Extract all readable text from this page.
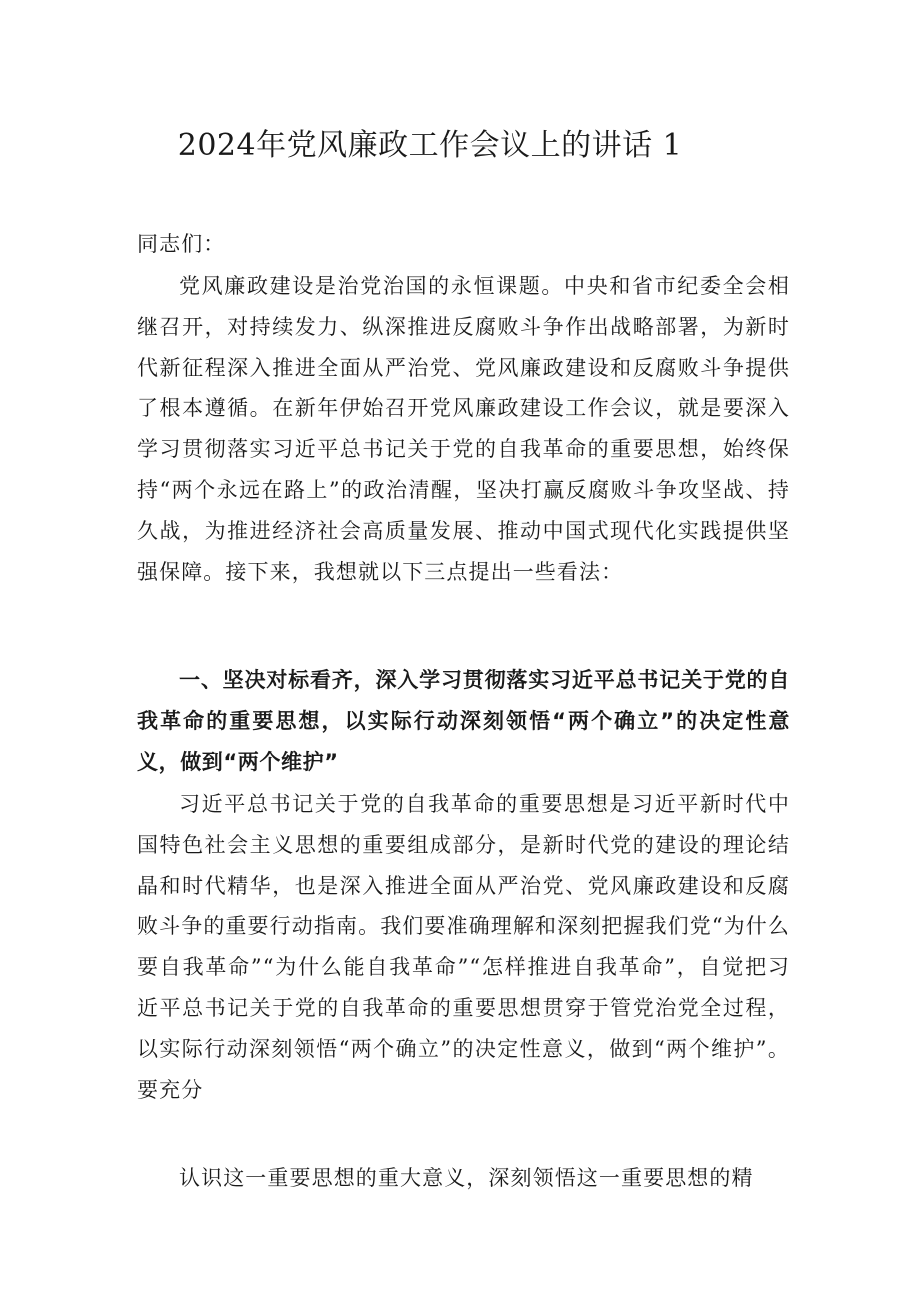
2024年党风廉政工作会议上的讲话 1
同志们：
党风廉政建设是治党治国的永恒课题。中央和省市纪委全会相继召开，对持续发力、纵深推进反腐败斗争作出战略部署，为新时代新征程深入推进全面从严治党、党风廉政建设和反腐败斗争提供了根本遵循。在新年伊始召开党风廉政建设工作会议，就是要深入学习贯彻落实习近平总书记关于党的自我革命的重要思想，始终保持“两个永远在路上”的政治清醒，坚决打赢反腐败斗争攻坚战、持久战，为推进经济社会高质量发展、推动中国式现代化实践提供坚强保障。接下来，我想就以下三点提出一些看法：
一、坚决对标看齐，深入学习贯彻落实习近平总书记关于党的自我革命的重要思想，以实际行动深刻领悟“两个确立”的决定性意义，做到“两个维护”
习近平总书记关于党的自我革命的重要思想是习近平新时代中国特色社会主义思想的重要组成部分，是新时代党的建设的理论结晶和时代精华，也是深入推进全面从严治党、党风廉政建设和反腐败斗争的重要行动指南。我们要准确理解和深刻把握我们党“为什么要自我革命”“为什么能自我革命”“怎样推进自我革命”，自觉把习近平总书记关于党的自我革命的重要思想贯穿于管党治党全过程，以实际行动深刻领悟“两个确立”的决定性意义，做到“两个维护”。要充分
认识这一重要思想的重大意义，深刻领悟这一重要思想的精
